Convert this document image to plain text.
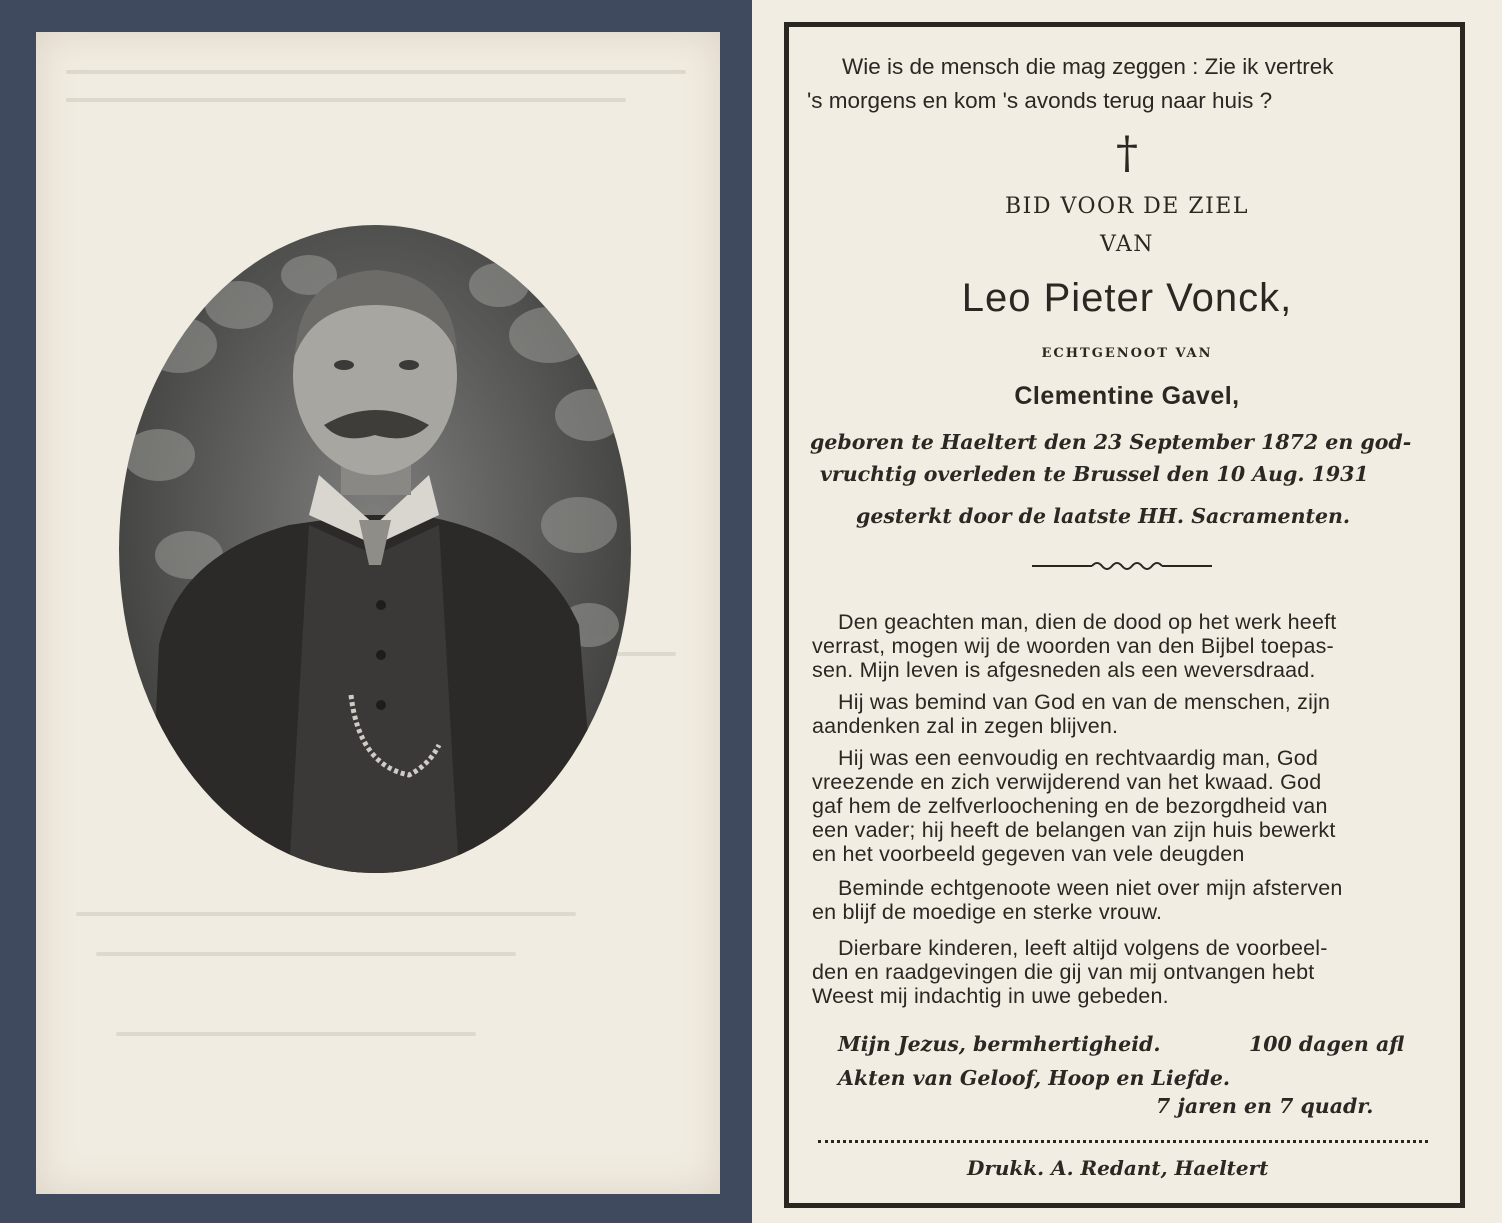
Wie is de mensch die mag zeggen : Zie ik vertrek
's morgens en kom 's avonds terug naar huis ?
†
BID VOOR DE ZIEL
VAN
Leo Pieter Vonck,
ECHTGENOOT VAN
Clementine Gavel,
geboren te Haeltert den 23 September 1872 en god-
vruchtig overleden te Brussel den 10 Aug. 1931
gesterkt door de laatste HH. Sacramenten.
Den geachten man, dien de dood op het werk heeft
verrast, mogen wij de woorden van den Bijbel toepas-
sen. Mijn leven is afgesneden als een weversdraad.
Hij was bemind van God en van de menschen, zijn
aandenken zal in zegen blijven.
Hij was een eenvoudig en rechtvaardig man, God
vreezende en zich verwijderend van het kwaad. God
gaf hem de zelfverloochening en de bezorgdheid van
een vader; hij heeft de belangen van zijn huis bewerkt
en het voorbeeld gegeven van vele deugden
Beminde echtgenoote ween niet over mijn afsterven
en blijf de moedige en sterke vrouw.
Dierbare kinderen, leeft altijd volgens de voorbeel-
den en raadgevingen die gij van mij ontvangen hebt
Weest mij indachtig in uwe gebeden.
Mijn Jezus, bermhertigheid.	100 dagen afl
Akten van Geloof, Hoop en Liefde.
7 jaren en 7 quadr.
Drukk. A. Redant, Haeltert
